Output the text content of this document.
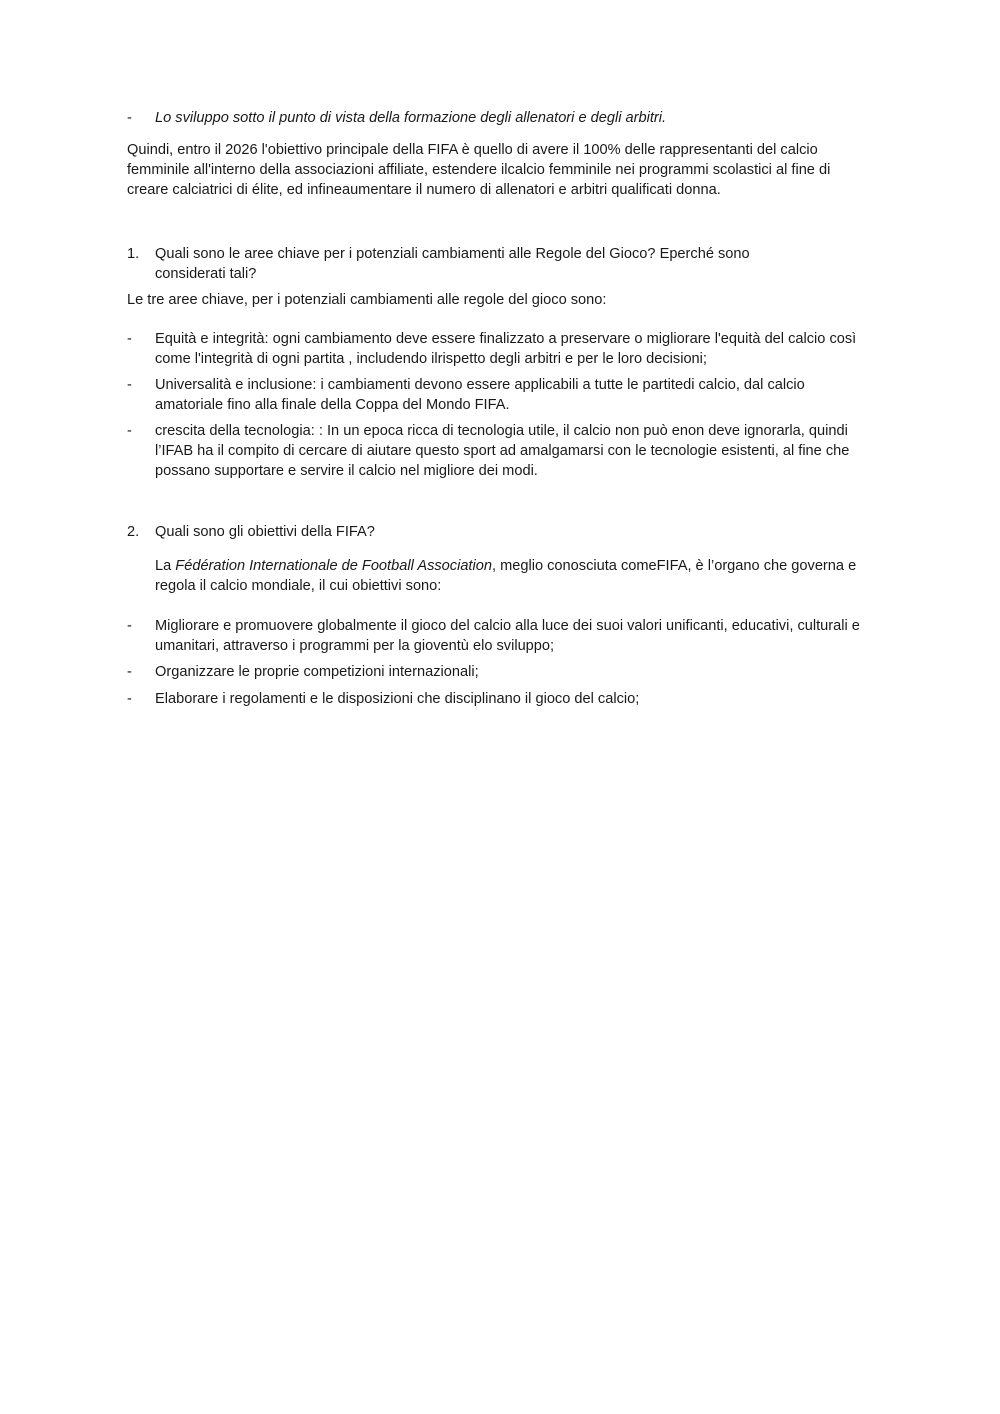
-	Lo sviluppo sotto il punto di vista della formazione degli allenatori e degli arbitri.

Quindi, entro il 2026 l'obiettivo principale della FIFA è quello di avere il 100% delle rappresentanti del calcio femminile all'interno della associazioni affiliate, estendere ilcalcio femminile nei programmi scolastici al fine di creare calciatrici di élite, ed infineaumentare il numero di allenatori e arbitri qualificati donna.

1.	Quali sono le aree chiave per i potenziali cambiamenti alle Regole del Gioco? Eperché sono considerati tali?

Le tre aree chiave, per i potenziali cambiamenti alle regole del gioco sono:

-	Equità e integrità: ogni cambiamento deve essere finalizzato a preservare o migliorare l'equità del calcio così come l'integrità di ogni partita , includendo ilrispetto degli arbitri e per le loro decisioni;
-	Universalità e inclusione: i cambiamenti devono essere applicabili a tutte le partitedi calcio, dal calcio amatoriale fino alla finale della Coppa del Mondo FIFA.
-	crescita della tecnologia: : In un epoca ricca di tecnologia utile, il calcio non può enon deve ignorarla, quindi l’IFAB ha il compito di cercare di aiutare questo sport ad amalgamarsi con le tecnologie esistenti, al fine che possano supportare e servire il calcio nel migliore dei modi.
2.	Quali sono gli obiettivi della FIFA?

La Fédération Internationale de Football Association, meglio conosciuta comeFIFA, è l’organo che governa e regola il calcio mondiale, il cui obiettivi sono:

-	Migliorare e promuovere globalmente il gioco del calcio alla luce dei suoi valori unificanti, educativi, culturali e umanitari, attraverso i programmi per la gioventù elo sviluppo;
-	Organizzare le proprie competizioni internazionali;
-	Elaborare i regolamenti e le disposizioni che disciplinano il gioco del calcio;
